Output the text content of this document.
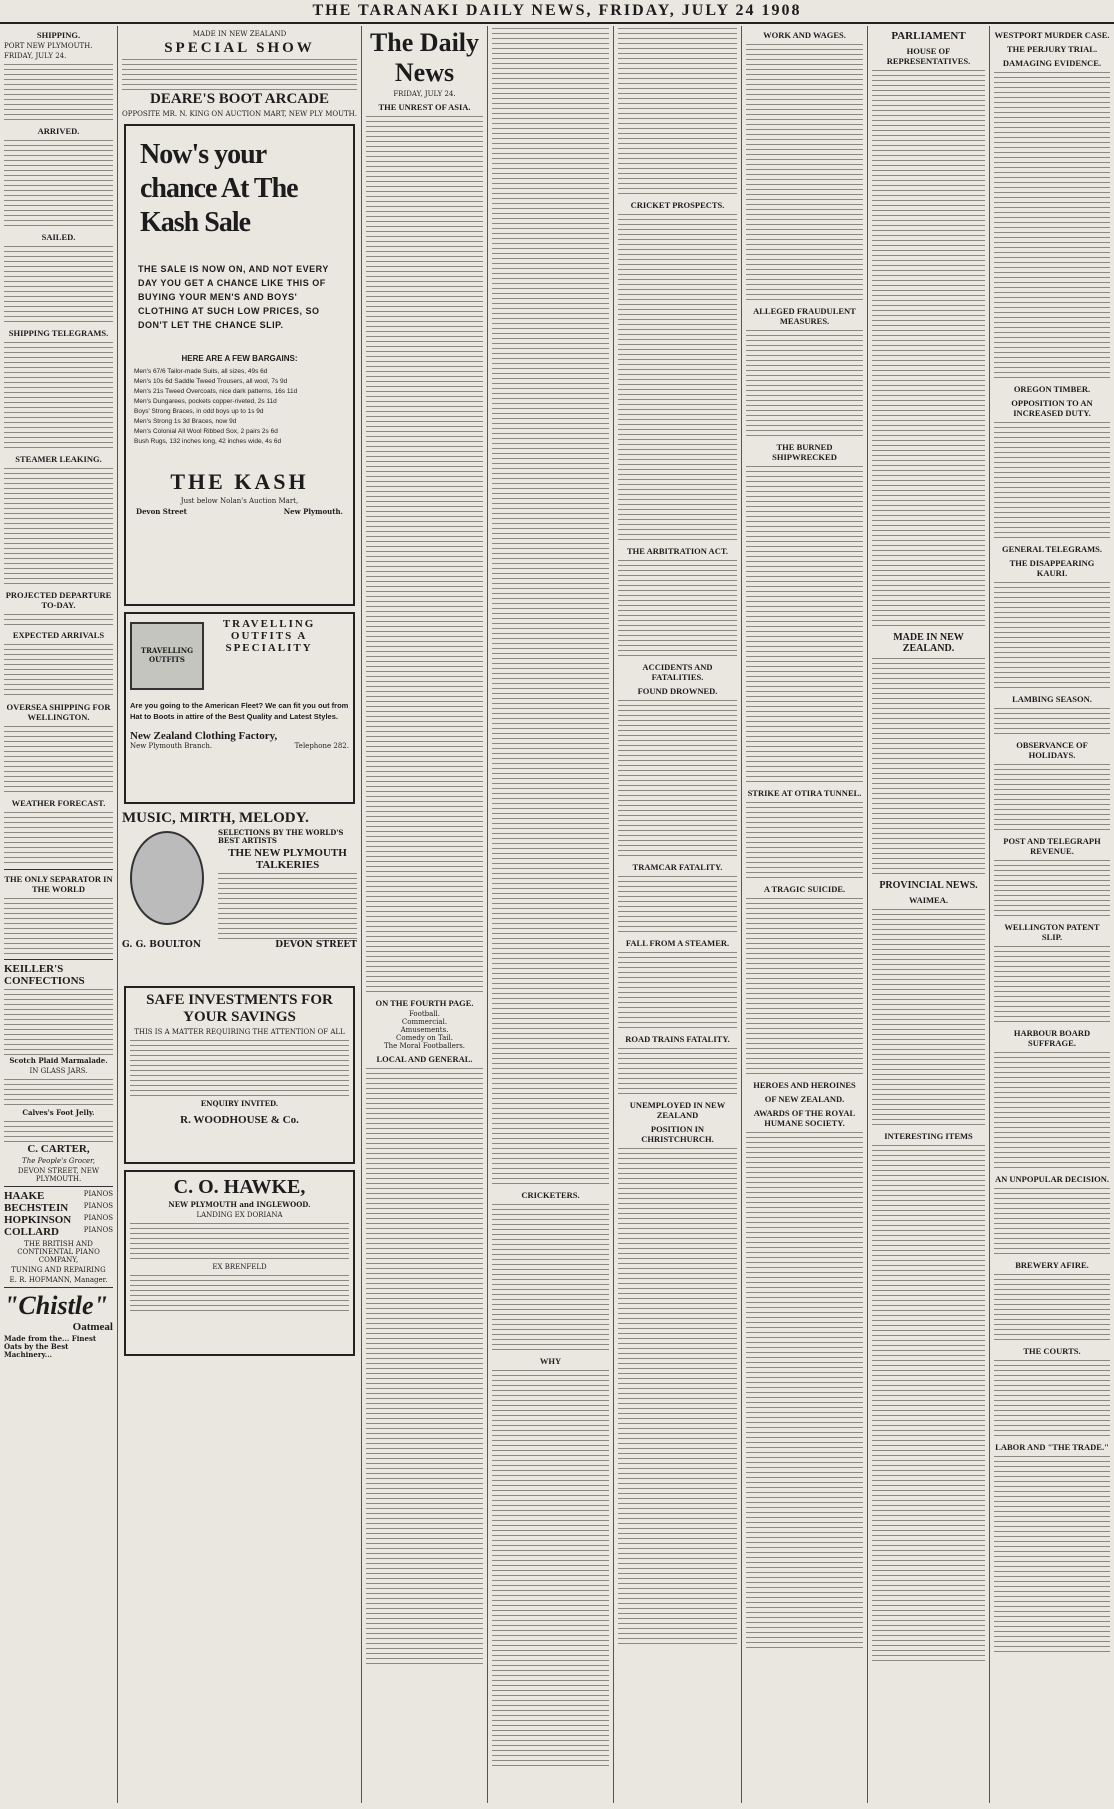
THE TARANAKI DAILY NEWS, FRIDAY, JULY 24 1908
SHIPPING.
PORT NEW PLYMOUTH.
FRIDAY, JULY 24.
ARRIVED.
SAILED.
SHIPPING TELEGRAMS.
STEAMER LEAKING.
PROJECTED DEPARTURE TO-DAY.
EXPECTED ARRIVALS
OVERSEA SHIPPING FOR WELLINGTON.
WEATHER FORECAST.
THE ONLY SEPARATOR IN THE WORLD
KEILLER'S CONFECTIONS
Scotch Plaid Marmalade.
IN GLASS JARS.
Calves's Foot Jelly.
C. CARTER,
The People's Grocer,
DEVON STREET, NEW PLYMOUTH.
HAAKE	PIANOS
BECHSTEIN PIANOS
HOPKINSON PIANOS
COLLARD	PIANOS
THE BRITISH AND CONTINENTAL PIANO COMPANY,
TUNING AND REPAIRING
E. R. HOFMANN, Manager.
"Chistle"
Oatmeal
Made from the... Finest Oats by the Best Machinery...
MADE IN NEW ZEALAND
SPECIAL SHOW
DEARE'S BOOT ARCADE
OPPOSITE MR. N. KING ON AUCTION MART, NEW PLY MOUTH.
Now's your chance At The Kash Sale
THE SALE IS NOW ON, AND NOT EVERY DAY YOU GET A CHANCE LIKE THIS OF BUYING YOUR MEN'S AND BOYS' CLOTHING AT SUCH LOW PRICES, SO DON'T LET THE CHANCE SLIP.
HERE ARE A FEW BARGAINS:
Men's 67/6 Tailor-made Suits, all sizes, 49s 6d
Men's 10s 6d Saddle Tweed Trousers, all wool, 7s 9d
Men's 21s Tweed Overcoats, nice dark patterns, 16s 11d
Men's Dungarees, pockets copper-riveted, 2s 11d
Boys' Strong Braces, in odd boys up to 1s 9d
Men's Strong 1s 3d Braces, now 9d
Men's Colonial All Wool Ribbed Sox, 2 pairs 2s 6d
Bush Rugs, 132 inches long, 42 inches wide, 4s 6d
THE KASH
Just below Nolan's Auction Mart,
Devon Street	New Plymouth.
TRAVELLING OUTFITS
TRAVELLING OUTFITS A SPECIALITY
Are you going to the American Fleet? We can fit you out from Hat to Boots in attire of the Best Quality and Latest Styles.
New Zealand Clothing Factory,
New Plymouth Branch.	Telephone 282.
MUSIC, MIRTH, MELODY.
SELECTIONS BY THE WORLD'S BEST ARTISTS
THE NEW PLYMOUTH TALKERIES
G. G. BOULTON	DEVON STREET
SAFE INVESTMENTS FOR YOUR SAVINGS
THIS IS A MATTER REQUIRING THE ATTENTION OF ALL
ENQUIRY INVITED.
R. WOODHOUSE & Co.
C. O. HAWKE,
NEW PLYMOUTH and INGLEWOOD.
LANDING EX DORIANA
EX BRENFELD
The Daily News
FRIDAY, JULY 24.
THE UNREST OF ASIA.
ON THE FOURTH PAGE.
Football.
Commercial.
Amusements.
Comedy on Tail.
The Moral Footballers.
LOCAL AND GENERAL.
CRICKETERS.
WHY
CRICKET PROSPECTS.
THE ARBITRATION ACT.
ACCIDENTS AND FATALITIES.
FOUND DROWNED.
TRAMCAR FATALITY.
FALL FROM A STEAMER.
ROAD TRAINS FATALITY.
UNEMPLOYED IN NEW ZEALAND
POSITION IN CHRISTCHURCH.
WORK AND WAGES.
ALLEGED FRAUDULENT MEASURES.
THE BURNED SHIPWRECKED
STRIKE AT OTIRA TUNNEL.
A TRAGIC SUICIDE.
HEROES AND HEROINES
OF NEW ZEALAND.
AWARDS OF THE ROYAL HUMANE SOCIETY.
PARLIAMENT
HOUSE OF REPRESENTATIVES.
MADE IN NEW ZEALAND.
PROVINCIAL NEWS.
WAIMEA.
INTERESTING ITEMS
WESTPORT MURDER CASE.
THE PERJURY TRIAL.
DAMAGING EVIDENCE.
OREGON TIMBER.
OPPOSITION TO AN INCREASED DUTY.
GENERAL TELEGRAMS.
THE DISAPPEARING KAURI.
LAMBING SEASON.
OBSERVANCE OF HOLIDAYS.
POST AND TELEGRAPH REVENUE.
WELLINGTON PATENT SLIP.
HARBOUR BOARD SUFFRAGE.
AN UNPOPULAR DECISION.
BREWERY AFIRE.
THE COURTS.
LABOR AND "THE TRADE."
